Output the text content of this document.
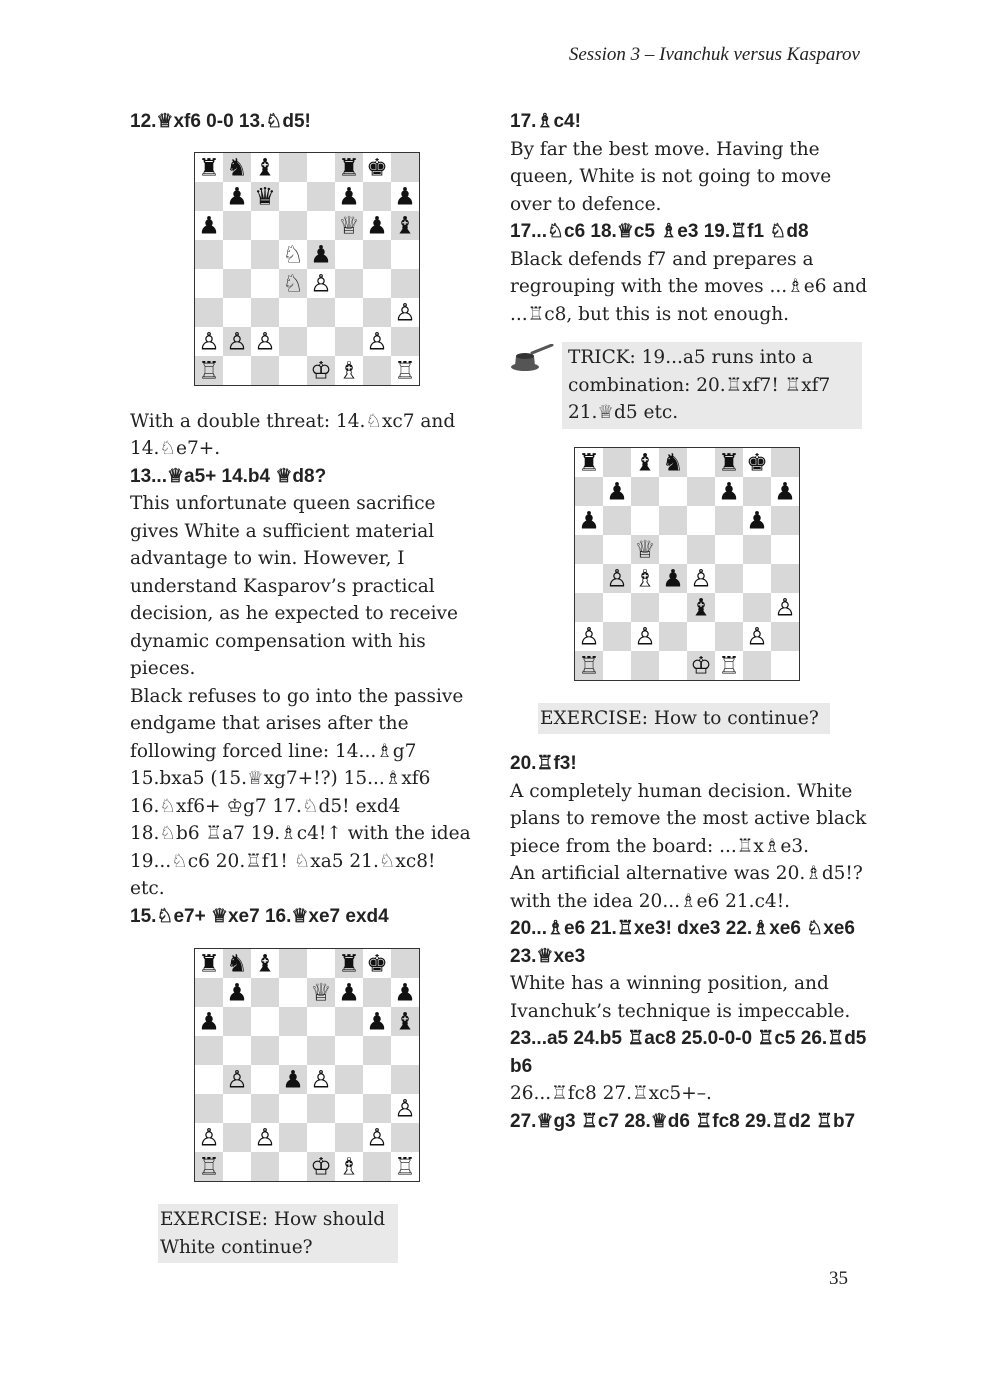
Session 3 – Ivanchuk versus Kasparov

12.♕xf6 0-0 13.♘d5!

♜ ♞ ♝	♜ ♚
♟ ♛	♟ ♟
♟	♕ ♟ ♝
♘ ♟
♘ ♙
♙
♙ ♙ ♙	♙
♖	♔ ♗ ♖

With a double threat: 14.♘xc7 and 14.♘e7+.

13...♕a5+ 14.b4 ♕d8?

This unfortunate queen sacrifice gives White a sufficient material advantage to win. However, I understand Kasparov’s practical decision, as he expected to receive dynamic compensation with his pieces.

Black refuses to go into the passive endgame that arises after the following forced line: 14...♗g7 15.bxa5 (15.♕xg7+!?) 15...♗xf6 16.♘xf6+ ♔g7 17.♘d5! exd4 18.♘b6 ♖a7 19.♗c4!↑ with the idea 19...♘c6 20.♖f1! ♘xa5 21.♘xc8! etc.

15.♘e7+ ♕xe7 16.♕xe7 exd4

♜ ♞ ♝	♜ ♚
♟	♕ ♟ ♟
♟	♟ ♝
♙ ♟ ♙
♙
♙ ♙	♙
♖	♔ ♗ ♖
EXERCISE: How should
White continue?

17.♗c4!

By far the best move. Having the queen, White is not going to move over to defence.

17...♘c6 18.♕c5 ♗e3 19.♖f1 ♘d8

Black defends f7 and prepares a regrouping with the moves ...♗e6 and ...♖c8, but this is not enough.

TRICK: 19...a5 runs into a combination: 20.♖xf7! ♖xf7 21.♕d5 etc.
♜ ♝ ♞ ♜ ♚
♟	♟ ♟
♟	♟
♕
♙ ♗ ♟ ♙
♝	♙
♙ ♙	♙
♖	♔ ♖
EXERCISE: How to continue?

20.♖f3!

A completely human decision. White plans to remove the most active black piece from the board: ...♖x♗e3.

An artificial alternative was 20.♗d5!? with the idea 20...♗e6 21.c4!.

20...♗e6 21.♖xe3! dxe3 22.♗xe6 ♘xe6 23.♕xe3

White has a winning position, and Ivanchuk’s technique is impeccable.

23...a5 24.b5 ♖ac8 25.0-0-0 ♖c5 26.♖d5 b6

26...♖fc8 27.♖xc5+–.

27.♕g3 ♖c7 28.♕d6 ♖fc8 29.♖d2 ♖b7

35
